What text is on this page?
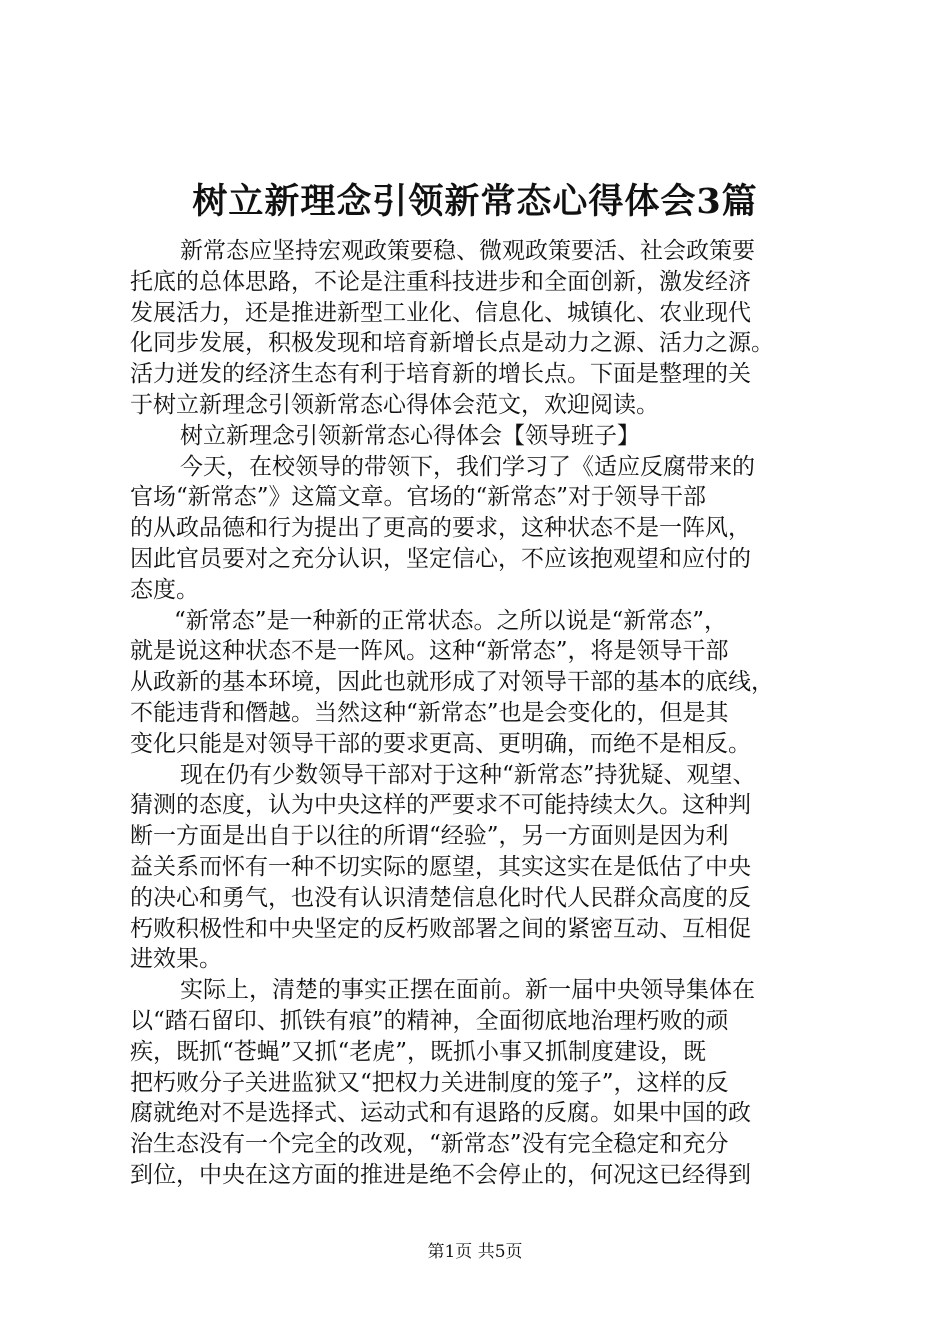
树立新理念引领新常态心得体会3篇
新常态应坚持宏观政策要稳、微观政策要活、社会政策要
托底的总体思路，不论是注重科技进步和全面创新，激发经济
发展活力，还是推进新型工业化、信息化、城镇化、农业现代
化同步发展，积极发现和培育新增长点是动力之源、活力之源。
活力迸发的经济生态有利于培育新的增长点。下面是整理的关
于树立新理念引领新常态心得体会范文，欢迎阅读。
树立新理念引领新常态心得体会【领导班子】
今天，在校领导的带领下，我们学习了《适应反腐带来的
官场“新常态”》这篇文章。官场的“新常态”对于领导干部
的从政品德和行为提出了更高的要求，这种状态不是一阵风，
因此官员要对之充分认识，坚定信心，不应该抱观望和应付的
态度。
“新常态”是一种新的正常状态。之所以说是“新常态”，
就是说这种状态不是一阵风。这种“新常态”，将是领导干部
从政新的基本环境，因此也就形成了对领导干部的基本的底线，
不能违背和僭越。当然这种“新常态”也是会变化的，但是其
变化只能是对领导干部的要求更高、更明确，而绝不是相反。
现在仍有少数领导干部对于这种“新常态”持犹疑、观望、
猜测的态度，认为中央这样的严要求不可能持续太久。这种判
断一方面是出自于以往的所谓“经验”，另一方面则是因为利
益关系而怀有一种不切实际的愿望，其实这实在是低估了中央
的决心和勇气，也没有认识清楚信息化时代人民群众高度的反
朽败积极性和中央坚定的反朽败部署之间的紧密互动、互相促
进效果。
实际上，清楚的事实正摆在面前。新一届中央领导集体在
以“踏石留印、抓铁有痕”的精神，全面彻底地治理朽败的顽
疾，既抓“苍蝇”又抓“老虎”，既抓小事又抓制度建设，既
把朽败分子关进监狱又“把权力关进制度的笼子”，这样的反
腐就绝对不是选择式、运动式和有退路的反腐。如果中国的政
治生态没有一个完全的改观，“新常态”没有完全稳定和充分
到位，中央在这方面的推进是绝不会停止的，何况这已经得到
第1页 共5页
